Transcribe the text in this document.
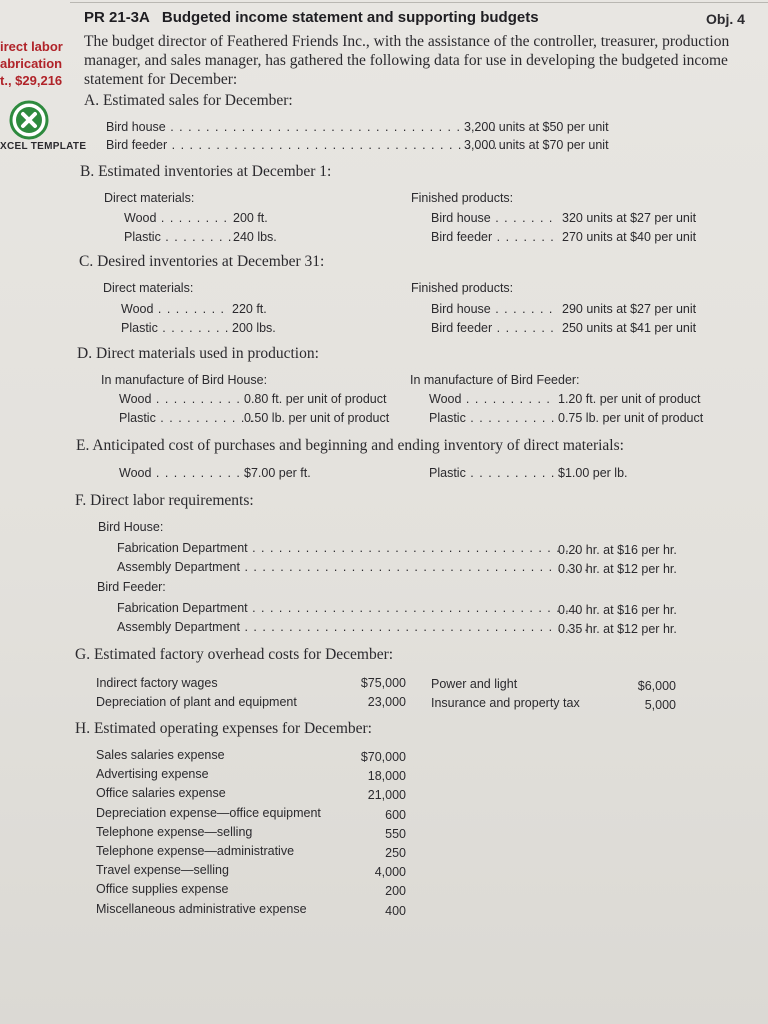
PR 21-3A Budgeted income statement and supporting budgets	Obj. 4
irect labor
abrication
t., $29,216
XCEL TEMPLATE
The budget director of Feathered Friends Inc., with the assistance of the controller, treasurer, production manager, and sales manager, has gathered the following data for use in developing the budgeted income statement for December:
A. Estimated sales for December:
Bird house . . . . . . . . . . . . . . . . . . . . . . . . . . . . . . . . . . . . .
3,200 units at $50 per unit
Bird feeder . . . . . . . . . . . . . . . . . . . . . . . . . . . . . . . . . . . . . .
3,000 units at $70 per unit
B. Estimated inventories at December 1:
Direct materials:
Wood . . . . . . . . 200 ft.
Plastic . . . . . . . . 240 lbs.
Finished products:
Bird house . . . . . . . 320 units at $27 per unit
Bird feeder . . . . . . . 270 units at $40 per unit
C. Desired inventories at December 31:
Direct materials:
Wood . . . . . . . . 220 ft.
Plastic . . . . . . . . 200 lbs.
Finished products:
Bird house . . . . . . . 290 units at $27 per unit
Bird feeder . . . . . . . 250 units at $41 per unit
D. Direct materials used in production:
In manufacture of Bird House:
Wood . . . . . . . . . . .
0.80 ft. per unit of product
Plastic . . . . . . . . . . .
0.50 lb. per unit of product
In manufacture of Bird Feeder:
Wood . . . . . . . . . . 1.20 ft. per unit of product
Plastic . . . . . . . . . . 0.75 lb. per unit of product
E. Anticipated cost of purchases and beginning and ending inventory of direct materials:
Wood . . . . . . . . . . .
$7.00 per ft.	Plastic . . . . . . . . . . $1.00 per lb.
F. Direct labor requirements:
Bird House:
Fabrication Department . . . . . . . . . . . . . . . . . . . . . . . . . . . . . . . . . . . . .
0.20 hr. at $16 per hr.
Assembly Department . . . . . . . . . . . . . . . . . . . . . . . . . . . . . . . . . . . . . . .
0.30 hr. at $12 per hr.
Bird Feeder:
Fabrication Department . . . . . . . . . . . . . . . . . . . . . . . . . . . . . . . . . . . . .
0.40 hr. at $16 per hr.
Assembly Department . . . . . . . . . . . . . . . . . . . . . . . . . . . . . . . . . . . . . . .
0.35 hr. at $12 per hr.
G. Estimated factory overhead costs for December:
Indirect factory wages	$75,000
Depreciation of plant and equipment	23,000
Power and light	$6,000
Insurance and property tax	5,000
H. Estimated operating expenses for December:
Sales salaries expense	$70,000
Advertising expense	18,000
Office salaries expense	21,000
Depreciation expense—office equipment	600
Telephone expense—selling	550
Telephone expense—administrative	250
Travel expense—selling	4,000
Office supplies expense	200
Miscellaneous administrative expense	400
